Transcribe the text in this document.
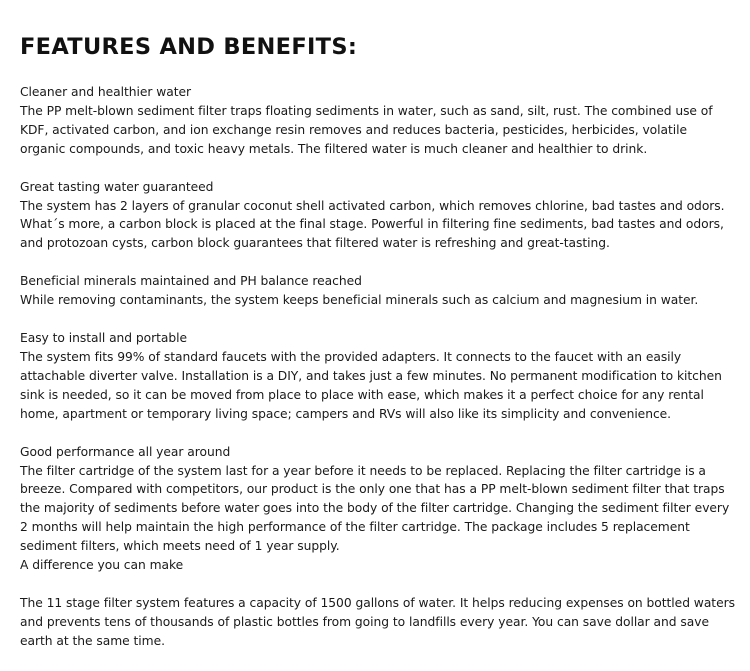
FEATURES AND BENEFITS:

Cleaner and healthier water

The PP melt-blown sediment filter traps floating sediments in water, such as sand, silt, rust. The combined use of KDF, activated carbon, and ion exchange resin removes and reduces bacteria, pesticides, herbicides, volatile organic compounds, and toxic heavy metals. The filtered water is much cleaner and healthier to drink.

Great tasting water guaranteed

The system has 2 layers of granular coconut shell activated carbon, which removes chlorine, bad tastes and odors. What´s more, a carbon block is placed at the final stage. Powerful in filtering fine sediments, bad tastes and odors, and protozoan cysts, carbon block guarantees that filtered water is refreshing and great-tasting.

Beneficial minerals maintained and PH balance reached

While removing contaminants, the system keeps beneficial minerals such as calcium and magnesium in water.

Easy to install and portable

The system fits 99% of standard faucets with the provided adapters. It connects to the faucet with an easily attachable diverter valve. Installation is a DIY, and takes just a few minutes. No permanent modification to kitchen sink is needed, so it can be moved from place to place with ease, which makes it a perfect choice for any rental home, apartment or temporary living space; campers and RVs will also like its simplicity and convenience.

Good performance all year around

The filter cartridge of the system last for a year before it needs to be replaced. Replacing the filter cartridge is a breeze. Compared with competitors, our product is the only one that has a PP melt-blown sediment filter that traps the majority of sediments before water goes into the body of the filter cartridge. Changing the sediment filter every 2 months will help maintain the high performance of the filter cartridge. The package includes 5 replacement sediment filters, which meets need of 1 year supply.

A difference you can make

The 11 stage filter system features a capacity of 1500 gallons of water. It helps reducing expenses on bottled waters and prevents tens of thousands of plastic bottles from going to landfills every year. You can save dollar and save earth at the same time.
